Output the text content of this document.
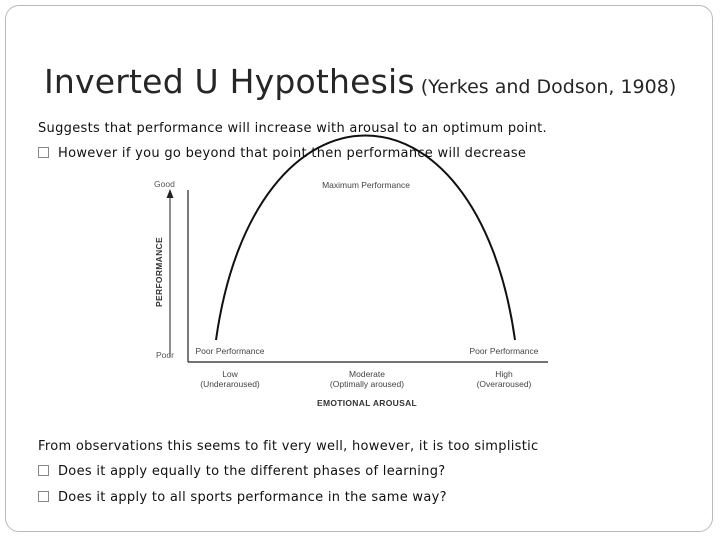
Inverted U Hypothesis (Yerkes and Dodson, 1908)
Suggests that performance will increase with arousal to an optimum point.
However if you go beyond that point then performance will decrease
Good
Poor
PERFORMANCE
Maximum Performance
Poor Performance	Poor Performance
Low
(Underaroused)
Moderate
(Optimally aroused)
High
(Overaroused)
EMOTIONAL AROUSAL
From observations this seems to fit very well, however, it is too simplistic
Does it apply equally to the different phases of learning?
Does it apply to all sports performance in the same way?
